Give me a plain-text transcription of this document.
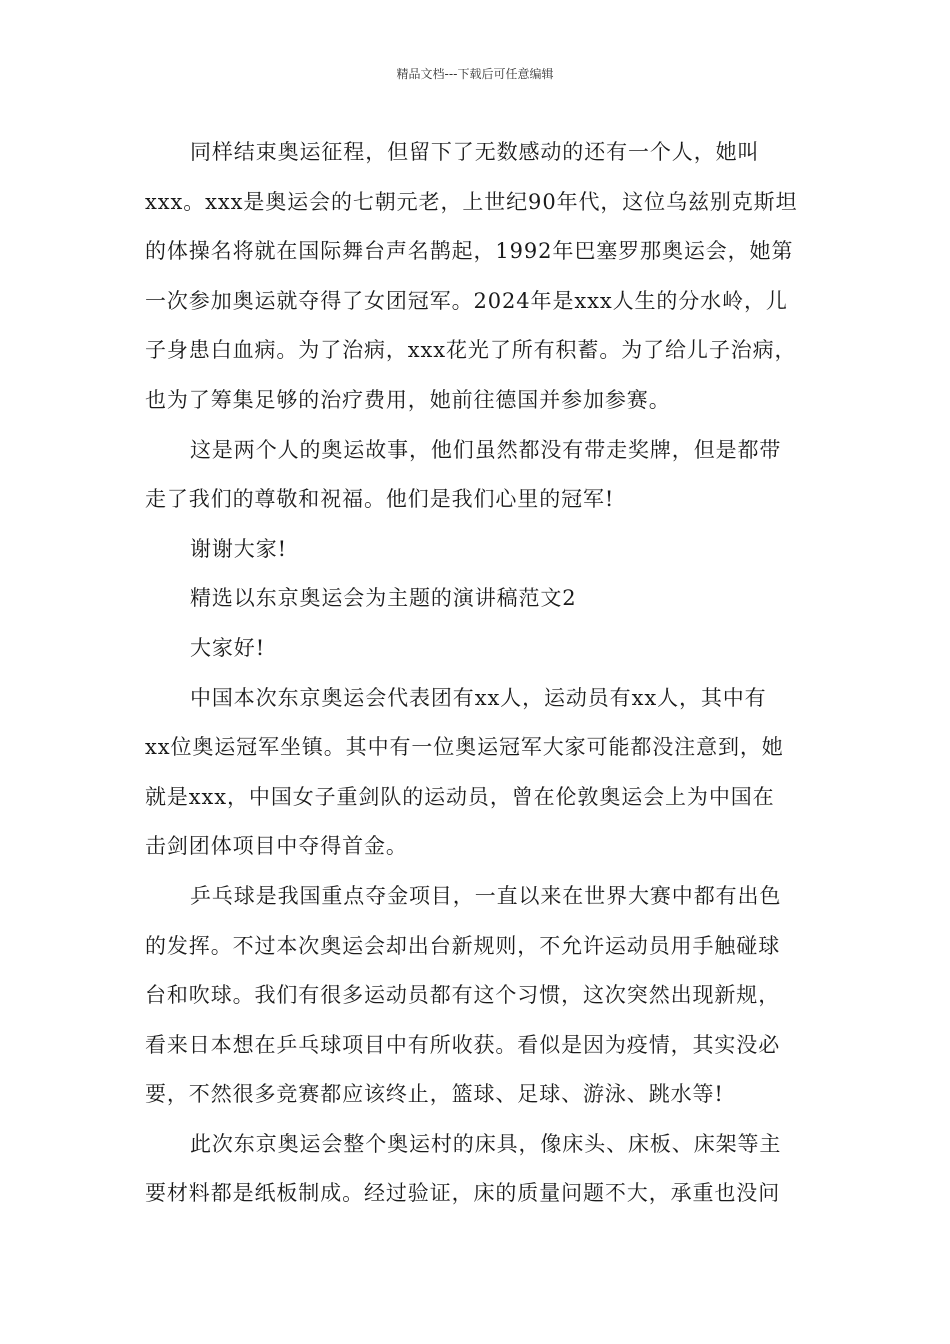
精品文档---下载后可任意编辑
同样结束奥运征程，但留下了无数感动的还有一个人，她叫
xxx。xxx是奥运会的七朝元老，上世纪90年代，这位乌兹别克斯坦
的体操名将就在国际舞台声名鹊起，1992年巴塞罗那奥运会，她第
一次参加奥运就夺得了女团冠军。2024年是xxx人生的分水岭，儿
子身患白血病。为了治病，xxx花光了所有积蓄。为了给儿子治病，
也为了筹集足够的治疗费用，她前往德国并参加参赛。
这是两个人的奥运故事，他们虽然都没有带走奖牌，但是都带
走了我们的尊敬和祝福。他们是我们心里的冠军!
谢谢大家!
精选以东京奥运会为主题的演讲稿范文2
大家好!
中国本次东京奥运会代表团有xx人，运动员有xx人，其中有
xx位奥运冠军坐镇。其中有一位奥运冠军大家可能都没注意到，她
就是xxx，中国女子重剑队的运动员，曾在伦敦奥运会上为中国在
击剑团体项目中夺得首金。
乒乓球是我国重点夺金项目，一直以来在世界大赛中都有出色
的发挥。不过本次奥运会却出台新规则，不允许运动员用手触碰球
台和吹球。我们有很多运动员都有这个习惯，这次突然出现新规，
看来日本想在乒乓球项目中有所收获。看似是因为疫情，其实没必
要，不然很多竞赛都应该终止，篮球、足球、游泳、跳水等!
此次东京奥运会整个奥运村的床具，像床头、床板、床架等主
要材料都是纸板制成。经过验证，床的质量问题不大，承重也没问
